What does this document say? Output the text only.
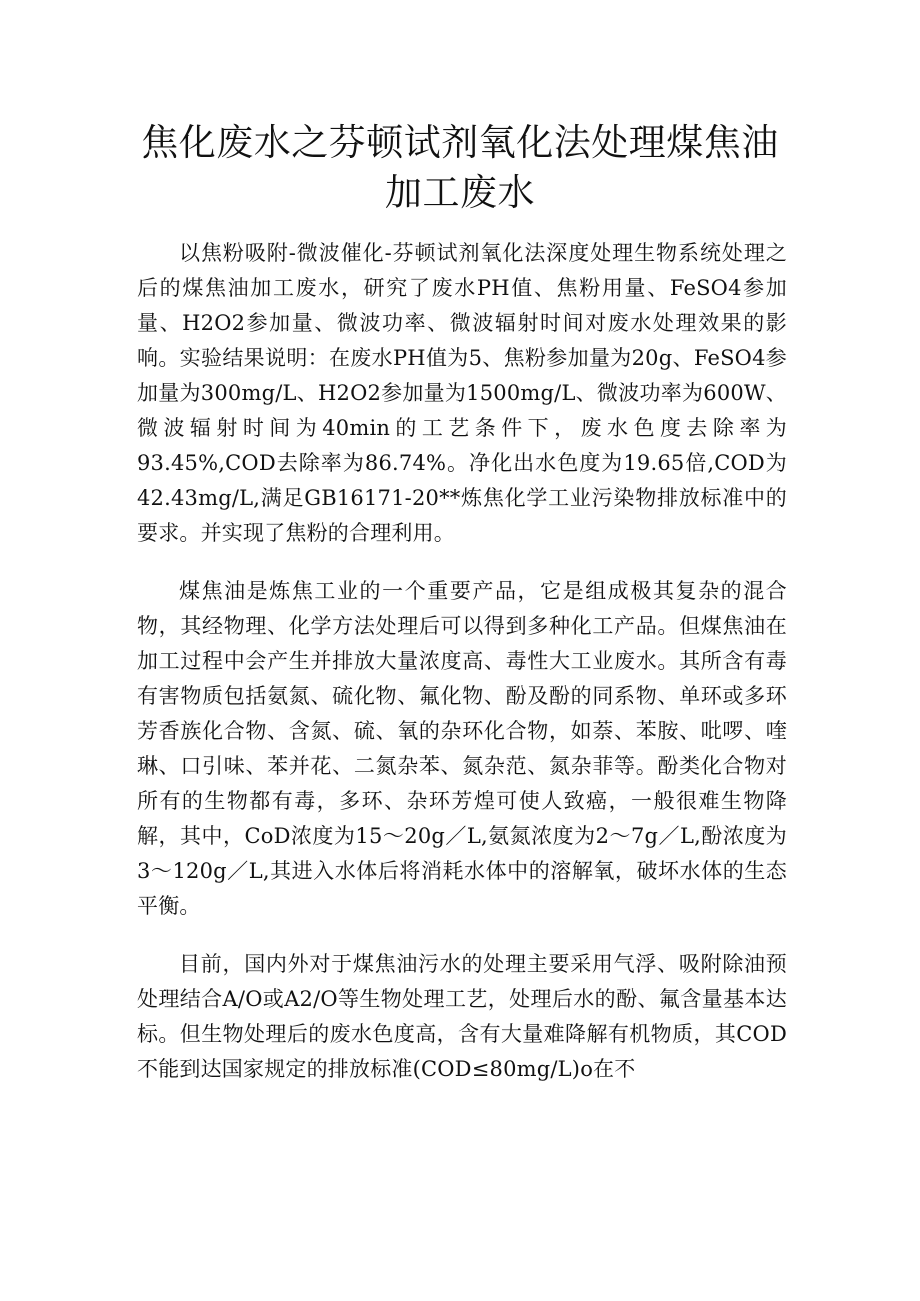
焦化废水之芬顿试剂氧化法处理煤焦油加工废水

以焦粉吸附-微波催化-芬顿试剂氧化法深度处理生物系统处理之后的煤焦油加工废水，研究了废水PH值、焦粉用量、FeSO4参加量、H2O2参加量、微波功率、微波辐射时间对废水处理效果的影响。实验结果说明：在废水PH值为5、焦粉参加量为20g、FeSO4参加量为300mg/L、H2O2参加量为1500mg/L、微波功率为600W、微波辐射时间为40min的工艺条件下，废水色度去除率为93.45%,COD去除率为86.74%。净化出水色度为19.65倍,COD为42.43mg/L,满足GB16171-20**炼焦化学工业污染物排放标准中的要求。并实现了焦粉的合理利用。

煤焦油是炼焦工业的一个重要产品，它是组成极其复杂的混合物，其经物理、化学方法处理后可以得到多种化工产品。但煤焦油在加工过程中会产生并排放大量浓度高、毒性大工业废水。其所含有毒有害物质包括氨氮、硫化物、氟化物、酚及酚的同系物、单环或多环芳香族化合物、含氮、硫、氧的杂环化合物，如萘、苯胺、吡啰、喹琳、口引味、苯并花、二氮杂苯、氮杂范、氮杂菲等。酚类化合物对所有的生物都有毒，多环、杂环芳煌可使人致癌，一般很难生物降解，其中，CoD浓度为15～20g／L,氨氮浓度为2～7g／L,酚浓度为3～120g／L,其进入水体后将消耗水体中的溶解氧，破坏水体的生态平衡。

目前，国内外对于煤焦油污水的处理主要采用气浮、吸附除油预处理结合A/O或A2/O等生物处理工艺，处理后水的酚、氟含量基本达标。但生物处理后的废水色度高，含有大量难降解有机物质，其COD不能到达国家规定的排放标准(COD≤80mg/L)o在不
